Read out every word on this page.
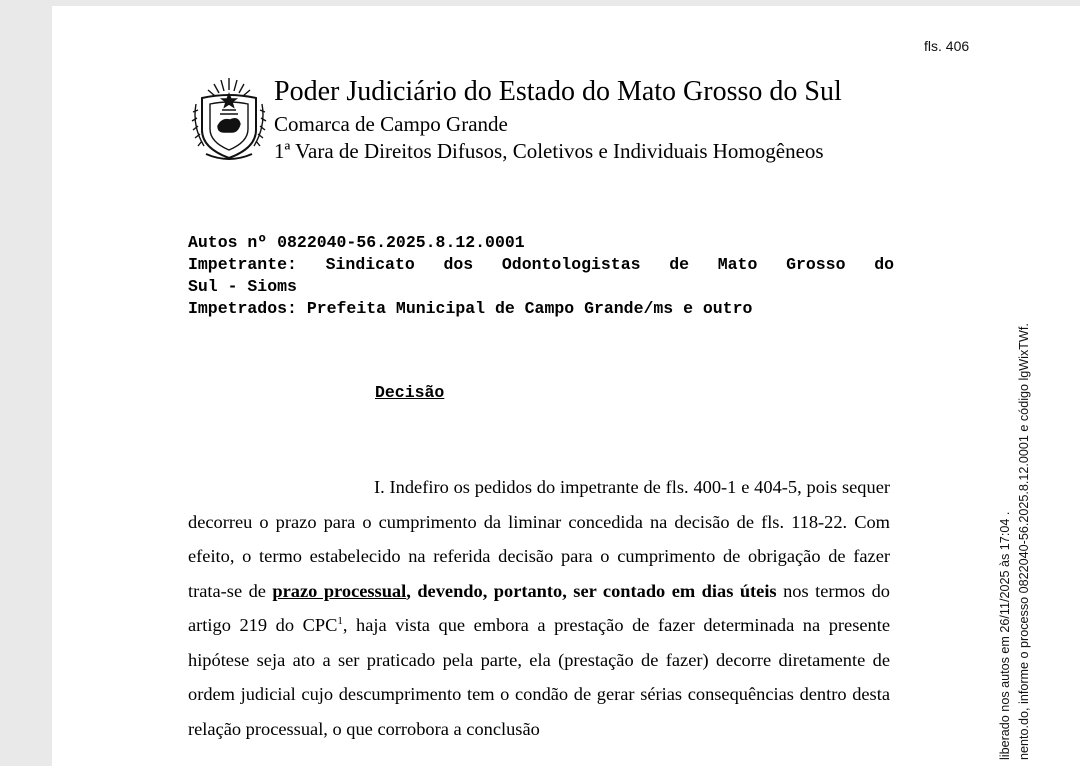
fls. 406
Poder Judiciário do Estado do Mato Grosso do Sul
Comarca de Campo Grande
1ª Vara de Direitos Difusos, Coletivos e Individuais Homogêneos
Autos nº 0822040-56.2025.8.12.0001
Impetrante: Sindicato dos Odontologistas de Mato Grosso do
Sul - Sioms
Impetrados: Prefeita Municipal de Campo Grande/ms e outro
Decisão

I. Indefiro os pedidos do impetrante de fls. 400-1 e 404-5, pois sequer decorreu o prazo para o cumprimento da liminar concedida na decisão de fls. 118-22. Com efeito, o termo estabelecido na referida decisão para o cumprimento de obrigação de fazer trata-se de prazo processual, devendo, portanto, ser contado em dias úteis nos termos do artigo 219 do CPC$^1$, haja vista que embora a prestação de fazer determinada na presente hipótese seja ato a ser praticado pela parte, ela (prestação de fazer) decorre diretamente de ordem judicial cujo descumprimento tem o condão de gerar sérias consequências dentro desta relação processual, o que corrobora a conclusão	liberado nos autos em 26/11/2025 às 17:04 . nento.do, informe o processo 0822040-56.2025.8.12.0001 e código lgWixTWf.
